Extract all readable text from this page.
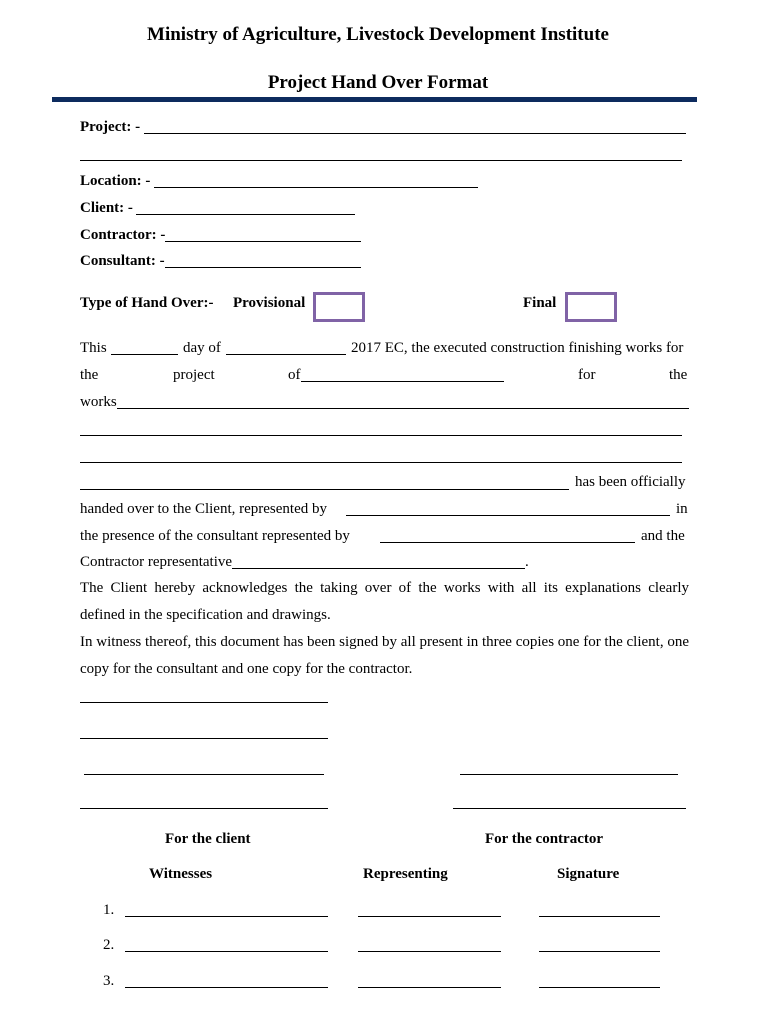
Ministry of Agriculture, Livestock Development Institute
Project Hand Over Format
Project: -
Location: -
Client: -
Contractor: -
Consultant: -
Type of Hand Over:- Provisional	Final
This	day of	2017 EC, the executed construction finishing works for
the	project	of	for	the
works
has been officially
handed over to the Client, represented by	in
the presence of the consultant represented by	and the
Contractor representative	.
The Client hereby acknowledges the taking over of the works with all its explanations clearly defined in the specification and drawings.
In witness thereof, this document has been signed by all present in three copies one for the client, one copy for the consultant and one copy for the contractor.
For the client	For the contractor
Witnesses	Representing	Signature
1.
2.
3.
